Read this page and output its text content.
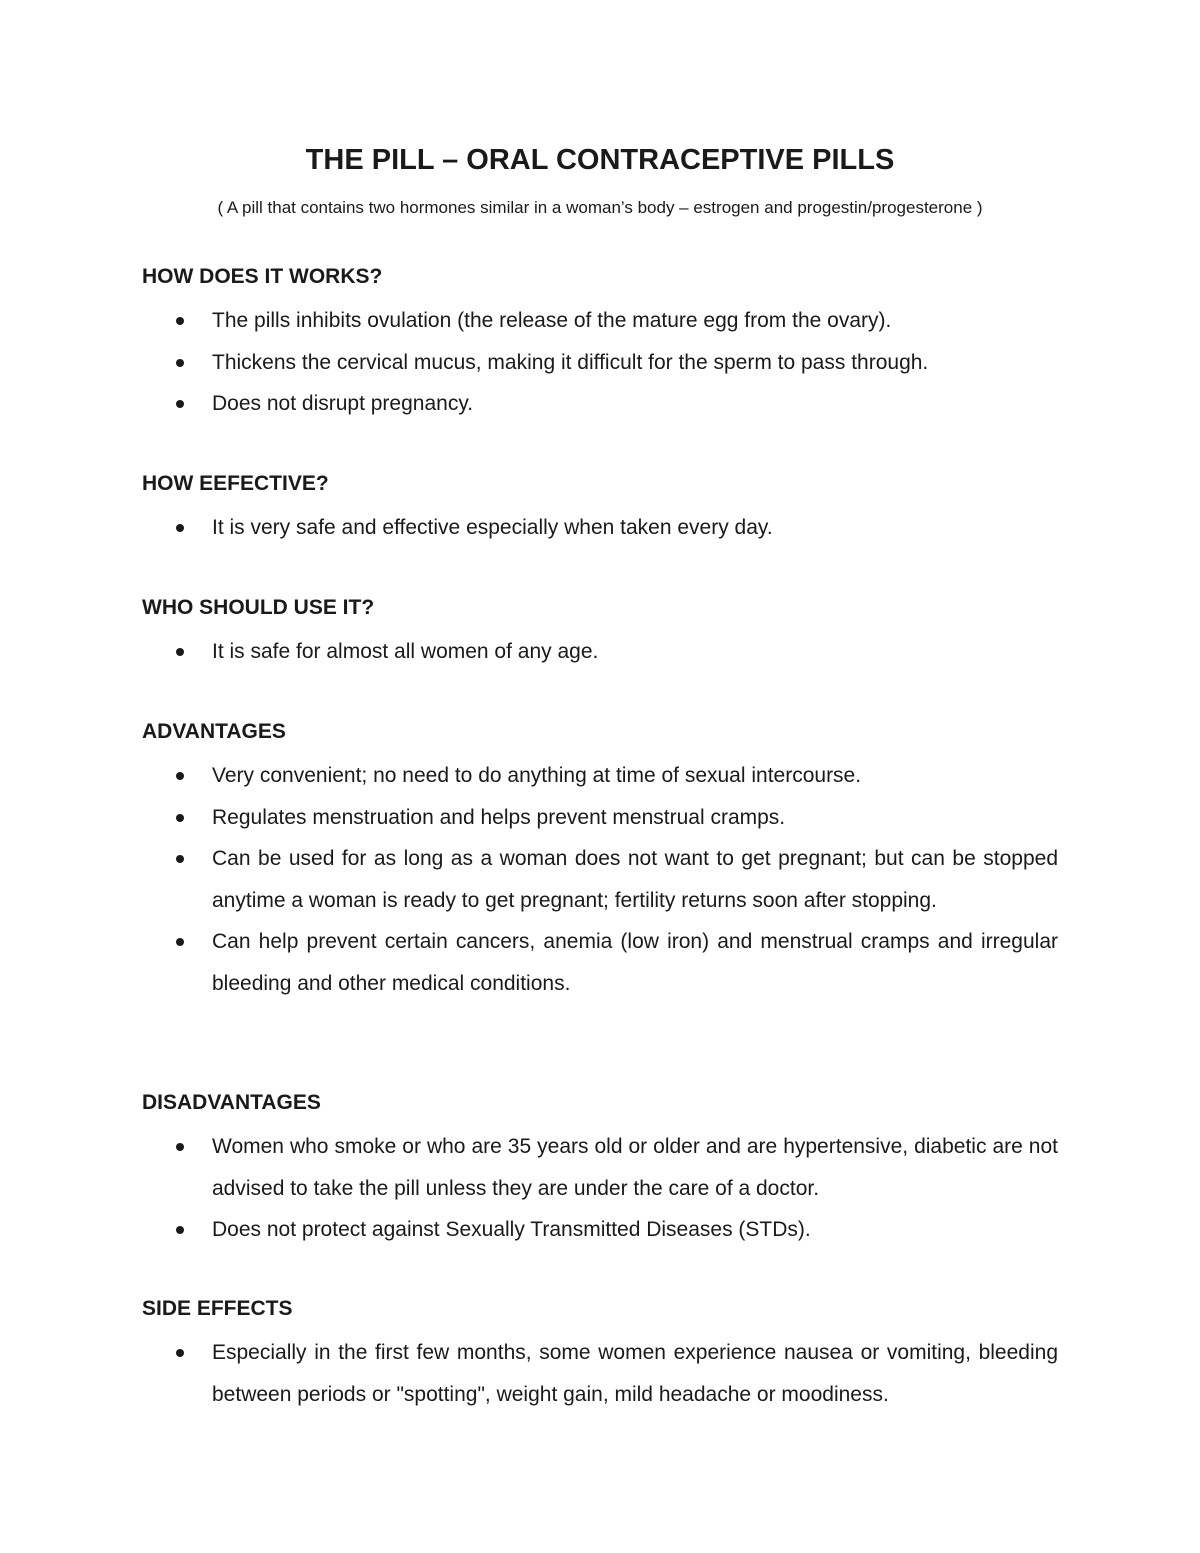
THE PILL – ORAL CONTRACEPTIVE PILLS

( A pill that contains two hormones similar in a woman’s body – estrogen and progestin/progesterone )

HOW DOES IT WORKS?
The pills inhibits ovulation (the release of the mature egg from the ovary).
Thickens the cervical mucus, making it difficult for the sperm to pass through.
Does not disrupt pregnancy.
HOW EEFECTIVE?
It is very safe and effective especially when taken every day.
WHO SHOULD USE IT?
It is safe for almost all women of any age.
ADVANTAGES
Very convenient; no need to do anything at time of sexual intercourse.
Regulates menstruation and helps prevent menstrual cramps.
Can be used for as long as a woman does not want to get pregnant; but can be stopped anytime a woman is ready to get pregnant; fertility returns soon after stopping.
Can help prevent certain cancers, anemia (low iron) and menstrual cramps and irregular bleeding and other medical conditions.
DISADVANTAGES
Women who smoke or who are 35 years old or older and are hypertensive, diabetic are not advised to take the pill unless they are under the care of a doctor.
Does not protect against Sexually Transmitted Diseases (STDs).
SIDE EFFECTS
Especially in the first few months, some women experience nausea or vomiting, bleeding between periods or "spotting", weight gain, mild headache or moodiness.
